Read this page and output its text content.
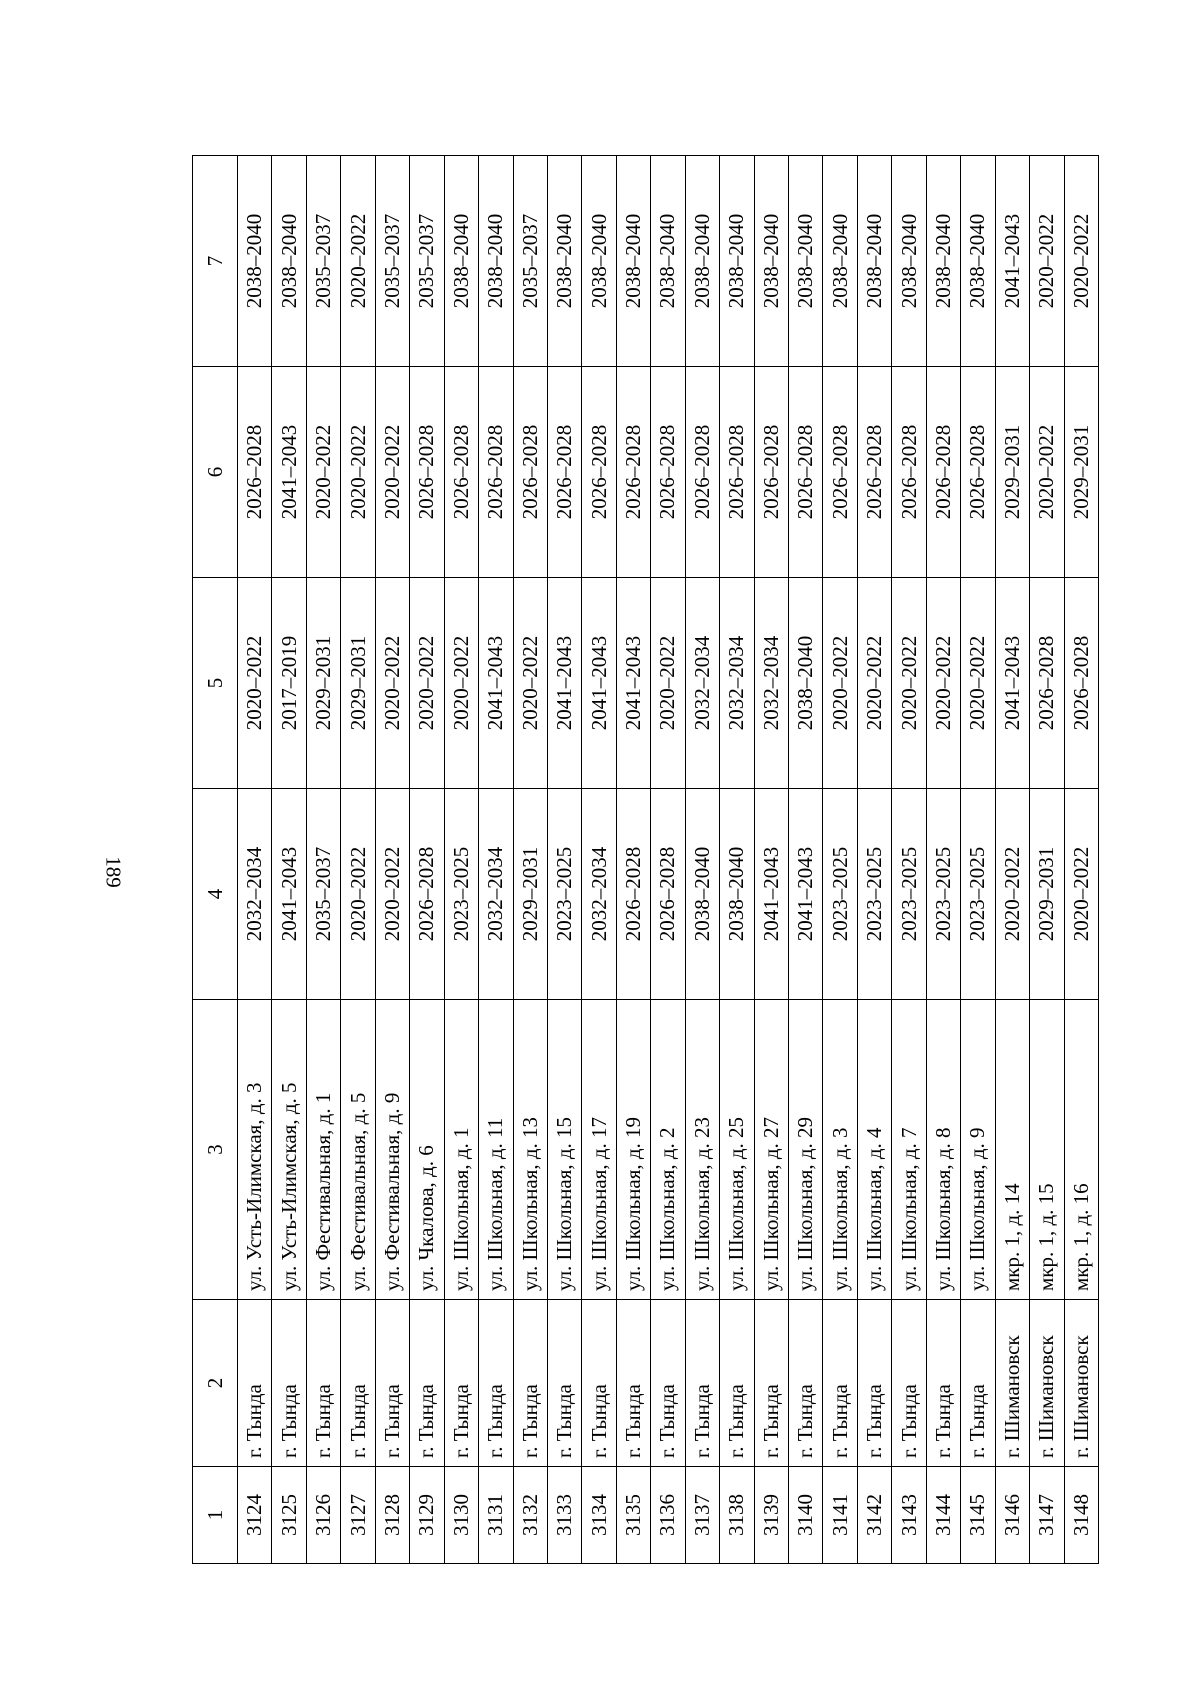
189
1	2	3	4	5	6	7
3124	г. Тында	ул. Усть-Илимская, д. 3	2032–2034	2020–2022	2026–2028	2038–2040
3125	г. Тында	ул. Усть-Илимская, д. 5	2041–2043	2017–2019	2041–2043	2038–2040
3126	г. Тында	ул. Фестивальная, д. 1	2035–2037	2029–2031	2020–2022	2035–2037
3127	г. Тында	ул. Фестивальная, д. 5	2020–2022	2029–2031	2020–2022	2020–2022
3128	г. Тында	ул. Фестивальная, д. 9	2020–2022	2020–2022	2020–2022	2035–2037
3129	г. Тында	ул. Чкалова, д. 6	2026–2028	2020–2022	2026–2028	2035–2037
3130	г. Тында	ул. Школьная, д. 1	2023–2025	2020–2022	2026–2028	2038–2040
3131	г. Тында	ул. Школьная, д. 11	2032–2034	2041–2043	2026–2028	2038–2040
3132	г. Тында	ул. Школьная, д. 13	2029–2031	2020–2022	2026–2028	2035–2037
3133	г. Тында	ул. Школьная, д. 15	2023–2025	2041–2043	2026–2028	2038–2040
3134	г. Тында	ул. Школьная, д. 17	2032–2034	2041–2043	2026–2028	2038–2040
3135	г. Тында	ул. Школьная, д. 19	2026–2028	2041–2043	2026–2028	2038–2040
3136	г. Тында	ул. Школьная, д. 2	2026–2028	2020–2022	2026–2028	2038–2040
3137	г. Тында	ул. Школьная, д. 23	2038–2040	2032–2034	2026–2028	2038–2040
3138	г. Тында	ул. Школьная, д. 25	2038–2040	2032–2034	2026–2028	2038–2040
3139	г. Тында	ул. Школьная, д. 27	2041–2043	2032–2034	2026–2028	2038–2040
3140	г. Тында	ул. Школьная, д. 29	2041–2043	2038–2040	2026–2028	2038–2040
3141	г. Тында	ул. Школьная, д. 3	2023–2025	2020–2022	2026–2028	2038–2040
3142	г. Тында	ул. Школьная, д. 4	2023–2025	2020–2022	2026–2028	2038–2040
3143	г. Тында	ул. Школьная, д. 7	2023–2025	2020–2022	2026–2028	2038–2040
3144	г. Тында	ул. Школьная, д. 8	2023–2025	2020–2022	2026–2028	2038–2040
3145	г. Тында	ул. Школьная, д. 9	2023–2025	2020–2022	2026–2028	2038–2040
3146	г. Шимановск	мкр. 1, д. 14	2020–2022	2041–2043	2029–2031	2041–2043
3147	г. Шимановск	мкр. 1, д. 15	2029–2031	2026–2028	2020–2022	2020–2022
3148	г. Шимановск	мкр. 1, д. 16	2020–2022	2026–2028	2029–2031	2020–2022
